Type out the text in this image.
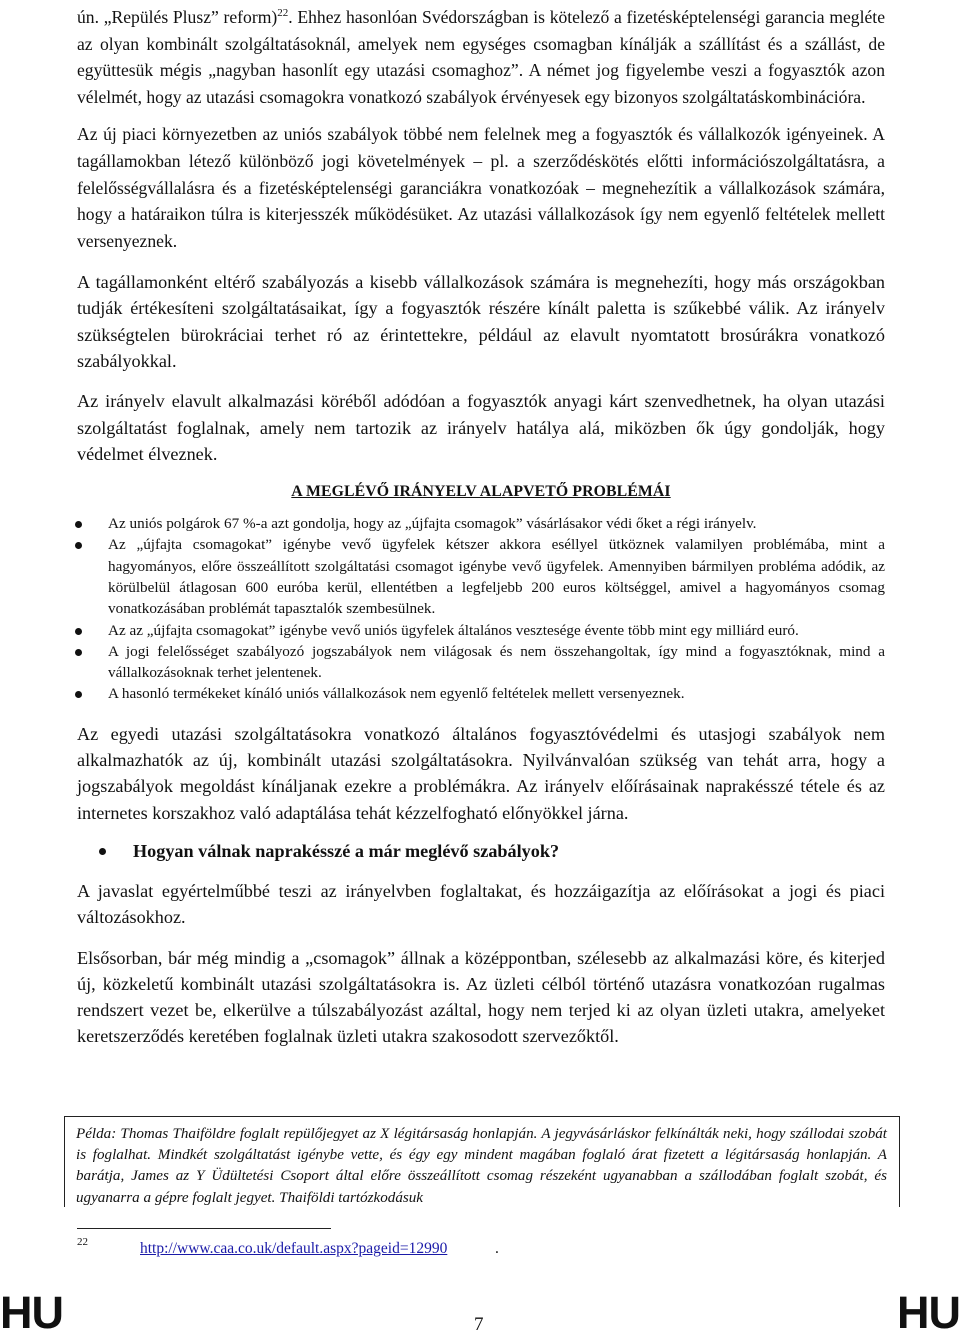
ún. „Repülés Plusz” reform)$^{22}$. Ehhez hasonlóan Svédországban is kötelező a fizetésképtelenségi garancia megléte az olyan kombinált szolgáltatásoknál, amelyek nem egységes csomagban kínálják a szállítást és a szállást, de együttesük mégis „nagyban hasonlít egy utazási csomaghoz”. A német jog figyelembe veszi a fogyasztók azon vélelmét, hogy az utazási csomagokra vonatkozó szabályok érvényesek egy bizonyos szolgáltatáskombinációra.

Az új piaci környezetben az uniós szabályok többé nem felelnek meg a fogyasztók és vállalkozók igényeinek. A tagállamokban létező különböző jogi követelmények – pl. a szerződéskötés előtti információszolgáltatásra, a felelősségvállalásra és a fizetésképtelenségi garanciákra vonatkozóak – megnehezítik a vállalkozások számára, hogy a határaikon túlra is kiterjesszék működésüket. Az utazási vállalkozások így nem egyenlő feltételek mellett versenyeznek.

A tagállamonként eltérő szabályozás a kisebb vállalkozások számára is megnehezíti, hogy más országokban tudják értékesíteni szolgáltatásaikat, így a fogyasztók részére kínált paletta is szűkebbé válik. Az irányelv szükségtelen bürokráciai terhet ró az érintettekre, például az elavult nyomtatott brosúrákra vonatkozó szabályokkal.

Az irányelv elavult alkalmazási köréből adódóan a fogyasztók anyagi kárt szenvedhetnek, ha olyan utazási szolgáltatást foglalnak, amely nem tartozik az irányelv hatálya alá, miközben ők úgy gondolják, hogy védelmet élveznek.

A MEGLÉVŐ IRÁNYELV ALAPVETŐ PROBLÉMÁI
Az uniós polgárok 67 %-a azt gondolja, hogy az „újfajta csomagok” vásárlásakor védi őket a régi irányelv.
Az „újfajta csomagokat” igénybe vevő ügyfelek kétszer akkora eséllyel ütköznek valamilyen problémába, mint a hagyományos, előre összeállított szolgáltatási csomagot igénybe vevő ügyfelek. Amennyiben bármilyen probléma adódik, az körülbelül átlagosan 600 euróba kerül, ellentétben a legfeljebb 200 euros költséggel, amivel a hagyományos csomag vonatkozásában problémát tapasztalók szembesülnek.
Az az „újfajta csomagokat” igénybe vevő uniós ügyfelek általános vesztesége évente több mint egy milliárd euró.
A jogi felelősséget szabályozó jogszabályok nem világosak és nem összehangoltak, így mind a fogyasztóknak, mind a vállalkozásoknak terhet jelentenek.
A hasonló termékeket kínáló uniós vállalkozások nem egyenlő feltételek mellett versenyeznek.

Az egyedi utazási szolgáltatásokra vonatkozó általános fogyasztóvédelmi és utasjogi szabályok nem alkalmazhatók az új, kombinált utazási szolgáltatásokra. Nyilvánvalóan szükség van tehát arra, hogy a jogszabályok megoldást kínáljanak ezekre a problémákra. Az irányelv előírásainak naprakésszé tétele és az internetes korszakhoz való adaptálása tehát kézzelfogható előnyökkel járna.

Hogyan válnak naprakésszé a már meglévő szabályok?

A javaslat egyértelműbbé teszi az irányelvben foglaltakat, és hozzáigazítja az előírásokat a jogi és piaci változásokhoz.

Elsősorban, bár még mindig a „csomagok” állnak a középpontban, szélesebb az alkalmazási köre, és kiterjed új, közkeletű kombinált utazási szolgáltatásokra is. Az üzleti célból történő utazásra vonatkozóan rugalmas rendszert vezet be, elkerülve a túlszabályozást azáltal, hogy nem terjed ki az olyan üzleti utakra, amelyeket keretszerződés keretében foglalnak üzleti utakra szakosodott szervezőktől.

Példa: Thomas Thaiföldre foglalt repülőjegyet az X légitársaság honlapján. A jegyvásárláskor felkínálták neki, hogy szállodai szobát is foglalhat. Mindkét szolgáltatást igénybe vette, és égy egy mindent magában foglaló árat fizetett a légitársaság honlapján. A barátja, James az Y Üdültetési Csoport által előre összeállított csomag részeként ugyanabban a szállodában foglalt szobát, és ugyanarra a gépre foglalt jegyet. Thaiföldi tartózkodásuk

22	http://www.caa.co.uk/default.aspx?pageid=12990	.
HU	7	HU
